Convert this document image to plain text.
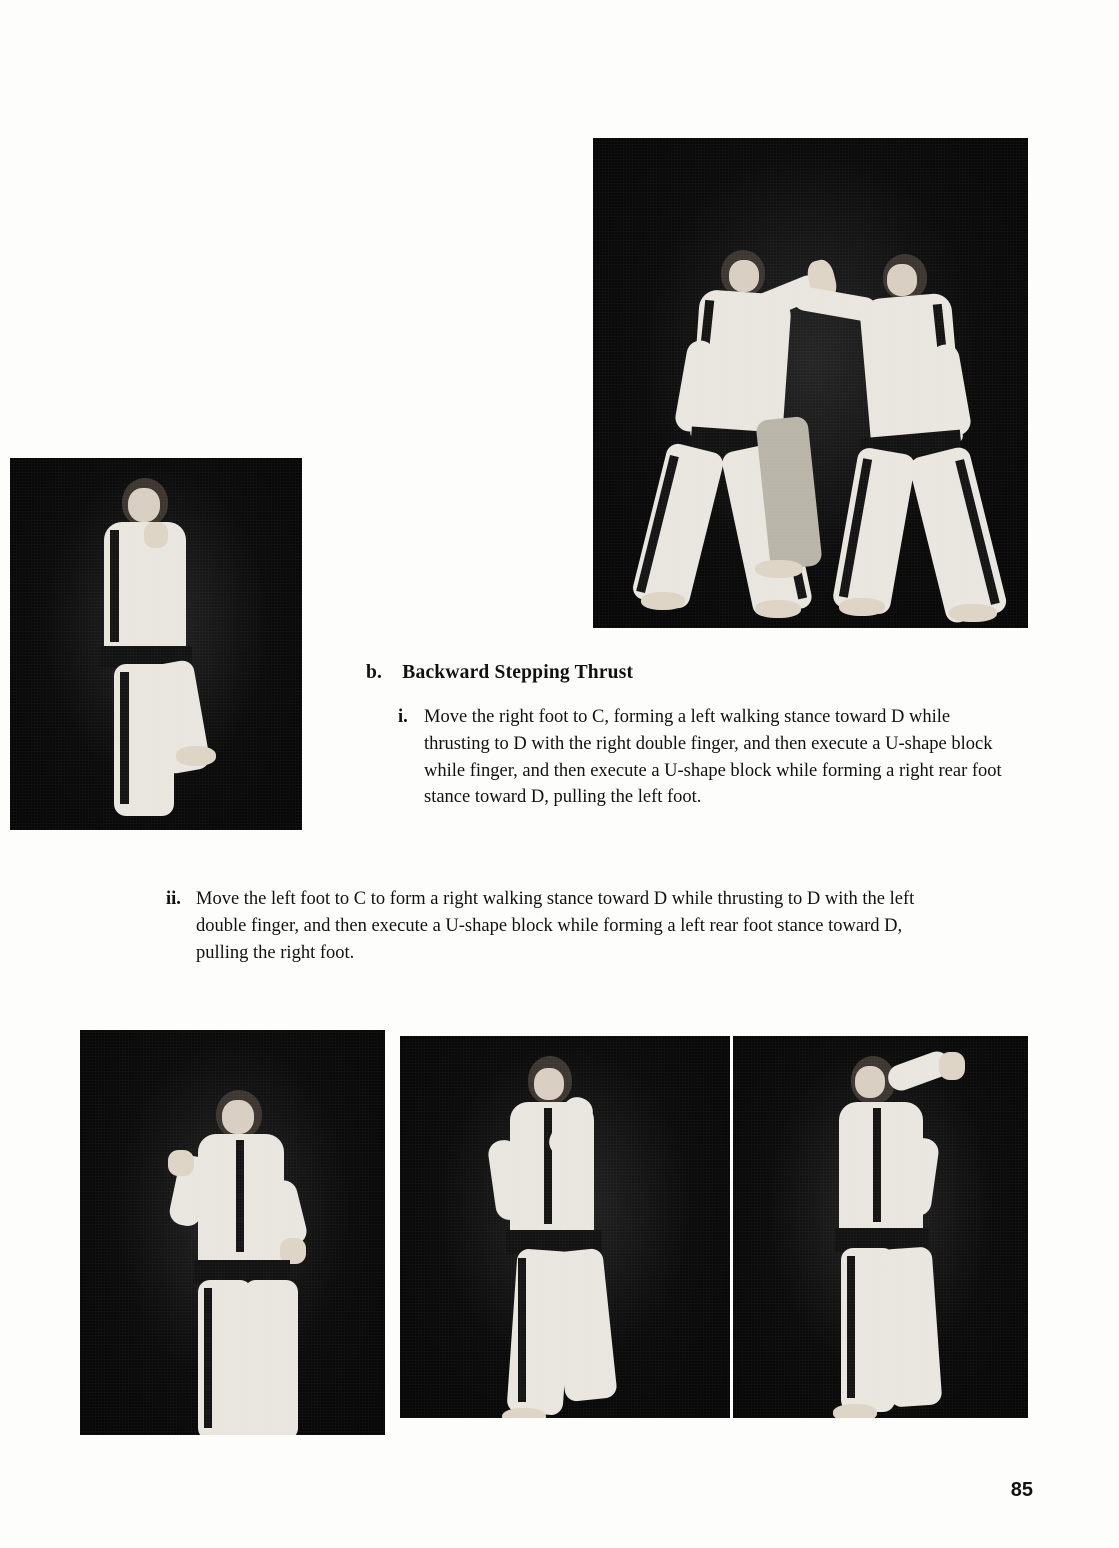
b. Backward Stepping Thrust
i. Move the right foot to C, forming a left walking stance toward D while thrusting to D with the right double finger, and then execute a U-shape block while finger, and then execute a U-shape block while forming a right rear foot stance toward D, pulling the left foot.
ii. Move the left foot to C to form a right walking stance toward D while thrusting to D with the left double finger, and then execute a U-shape block while forming a left rear foot stance toward D, pulling the right foot.
85
